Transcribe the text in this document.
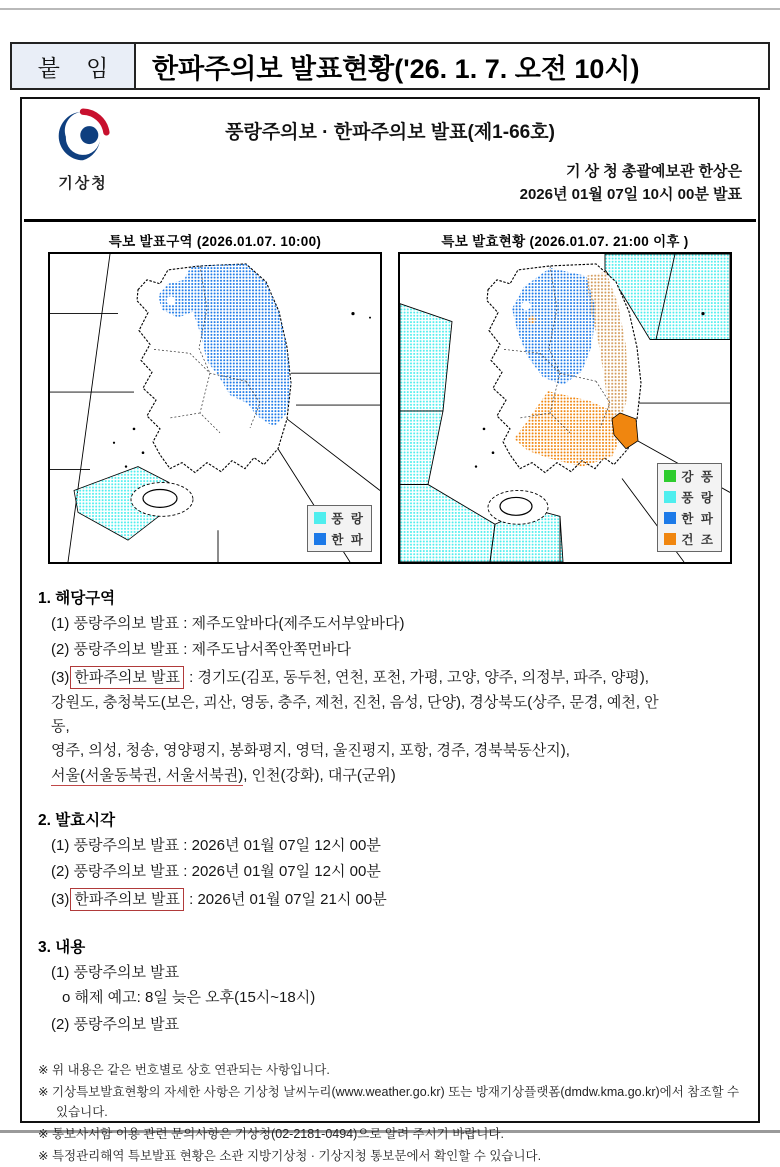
붙 임	한파주의보 발표현황('26. 1. 7. 오전 10시)
기상청
풍랑주의보 · 한파주의보 발표(제1-66호)
기 상 청 총괄예보관 한상은
2026년 01월 07일 10시 00분 발표
특보 발표구역 (2026.01.07. 10:00)
풍 랑
한 파
특보 발효현황 (2026.01.07. 21:00 이후 )
강 풍
풍 랑
한 파
건 조
1. 해당구역
(1) 풍랑주의보 발표 : 제주도앞바다(제주도서부앞바다)
(2) 풍랑주의보 발표 : 제주도남서쪽안쪽먼바다
(3) 한파주의보 발표 : 경기도(김포, 동두천, 연천, 포천, 가평, 고양, 양주, 의정부, 파주, 양평),
강원도, 충청북도(보은, 괴산, 영동, 충주, 제천, 진천, 음성, 단양), 경상북도(상주, 문경, 예천, 안
동,
영주, 의성, 청송, 영양평지, 봉화평지, 영덕, 울진평지, 포항, 경주, 경북북동산지),
서울(서울동북권, 서울서북권), 인천(강화), 대구(군위)
2. 발효시각
(1) 풍랑주의보 발표 : 2026년 01월 07일 12시 00분
(2) 풍랑주의보 발표 : 2026년 01월 07일 12시 00분
(3) 한파주의보 발표 : 2026년 01월 07일 21시 00분
3. 내용
(1) 풍랑주의보 발표
o 해제 예고: 8일 늦은 오후(15시~18시)
(2) 풍랑주의보 발표
※ 위 내용은 같은 번호별로 상호 연관되는 사항입니다.
※ 기상특보발효현황의 자세한 사항은 기상청 날씨누리(www.weather.go.kr) 또는 방재기상플랫폼(dmdw.kma.go.kr)에서 참조할 수 있습니다.
※ 통보사서함 이용 관련 문의사항은 기상청(02-2181-0494)으로 알려 주시기 바랍니다.
※ 특정관리해역 특보발표 현황은 소관 지방기상청 · 기상지청 통보문에서 확인할 수 있습니다.
